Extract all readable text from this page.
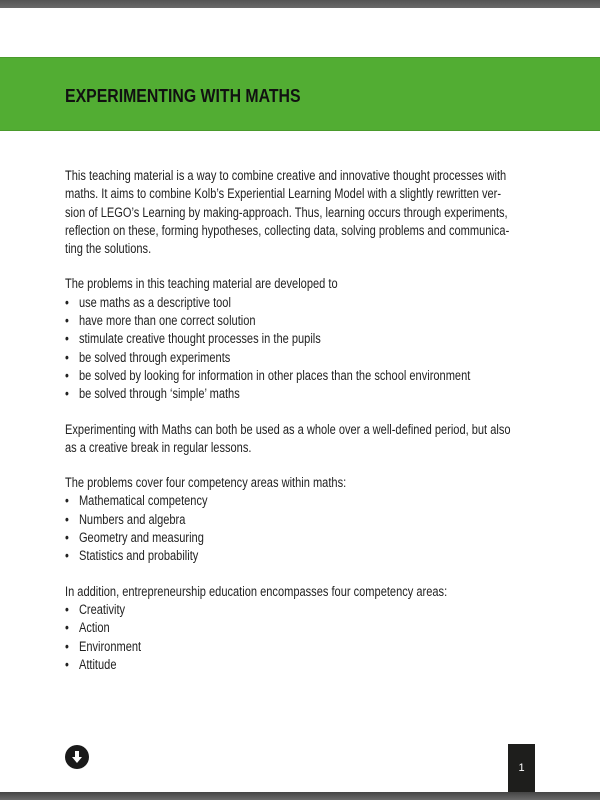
EXPERIMENTING WITH MATHS
This teaching material is a way to combine creative and innovative thought processes with
maths. It aims to combine Kolb’s Experiential Learning Model with a slightly rewritten ver-
sion of LEGO’s Learning by making-approach. Thus, learning occurs through experiments,
reflection on these, forming hypotheses, collecting data, solving problems and communica-
ting the solutions.
The problems in this teaching material are developed to
• use maths as a descriptive tool
• have more than one correct solution
• stimulate creative thought processes in the pupils
• be solved through experiments
• be solved by looking for information in other places than the school environment
• be solved through ‘simple’ maths
Experimenting with Maths can both be used as a whole over a well-defined period, but also
as a creative break in regular lessons.
The problems cover four competency areas within maths:
• Mathematical competency
• Numbers and algebra
• Geometry and measuring
• Statistics and probability
In addition, entrepreneurship education encompasses four competency areas:
• Creativity
• Action
• Environment
• Attitude
1
